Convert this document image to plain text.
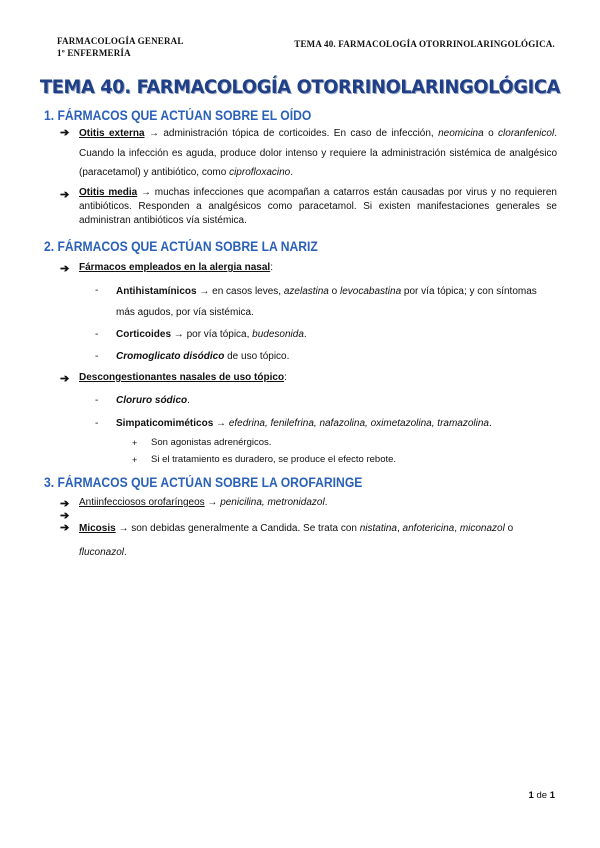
FARMACOLOGÍA GENERAL
1º ENFERMERÍA
TEMA 40. FARMACOLOGÍA OTORRINOLARINGOLÓGICA.
TEMA 40. FARMACOLOGÍA OTORRINOLARINGOLÓGICA
1. FÁRMACOS QUE ACTÚAN SOBRE EL OÍDO
➔ Otitis externa → administración tópica de corticoides. En caso de infección, neomicina o cloranfenicol. Cuando la infección es aguda, produce dolor intenso y requiere la administración sistémica de analgésico (paracetamol) y antibiótico, como ciprofloxacino.
➔ Otitis media → muchas infecciones que acompañan a catarros están causadas por virus y no requieren antibióticos. Responden a analgésicos como paracetamol. Si existen manifestaciones generales se administran antibióticos vía sistémica.
2. FÁRMACOS QUE ACTÚAN SOBRE LA NARIZ
➔ Fármacos empleados en la alergia nasal:
- Antihistamínicos → en casos leves, azelastina o levocabastina por vía tópica; y con síntomas más agudos, por vía sistémica.
- Corticoides → por vía tópica, budesonida.
- Cromoglicato disódico de uso tópico.
➔ Descongestionantes nasales de uso tópico:
- Cloruro sódico.
- Simpaticomiméticos → efedrina, fenilefrina, nafazolina, oximetazolina, tramazolina.
+ Son agonistas adrenérgicos.
+ Si el tratamiento es duradero, se produce el efecto rebote.
3. FÁRMACOS QUE ACTÚAN SOBRE LA OROFARINGE
➔ Antiinfecciosos orofaríngeos → penicilina, metronidazol.
➔
➔ Micosis → son debidas generalmente a Candida. Se trata con nistatina, anfotericina, miconazol o
fluconazol.
1 de 1
